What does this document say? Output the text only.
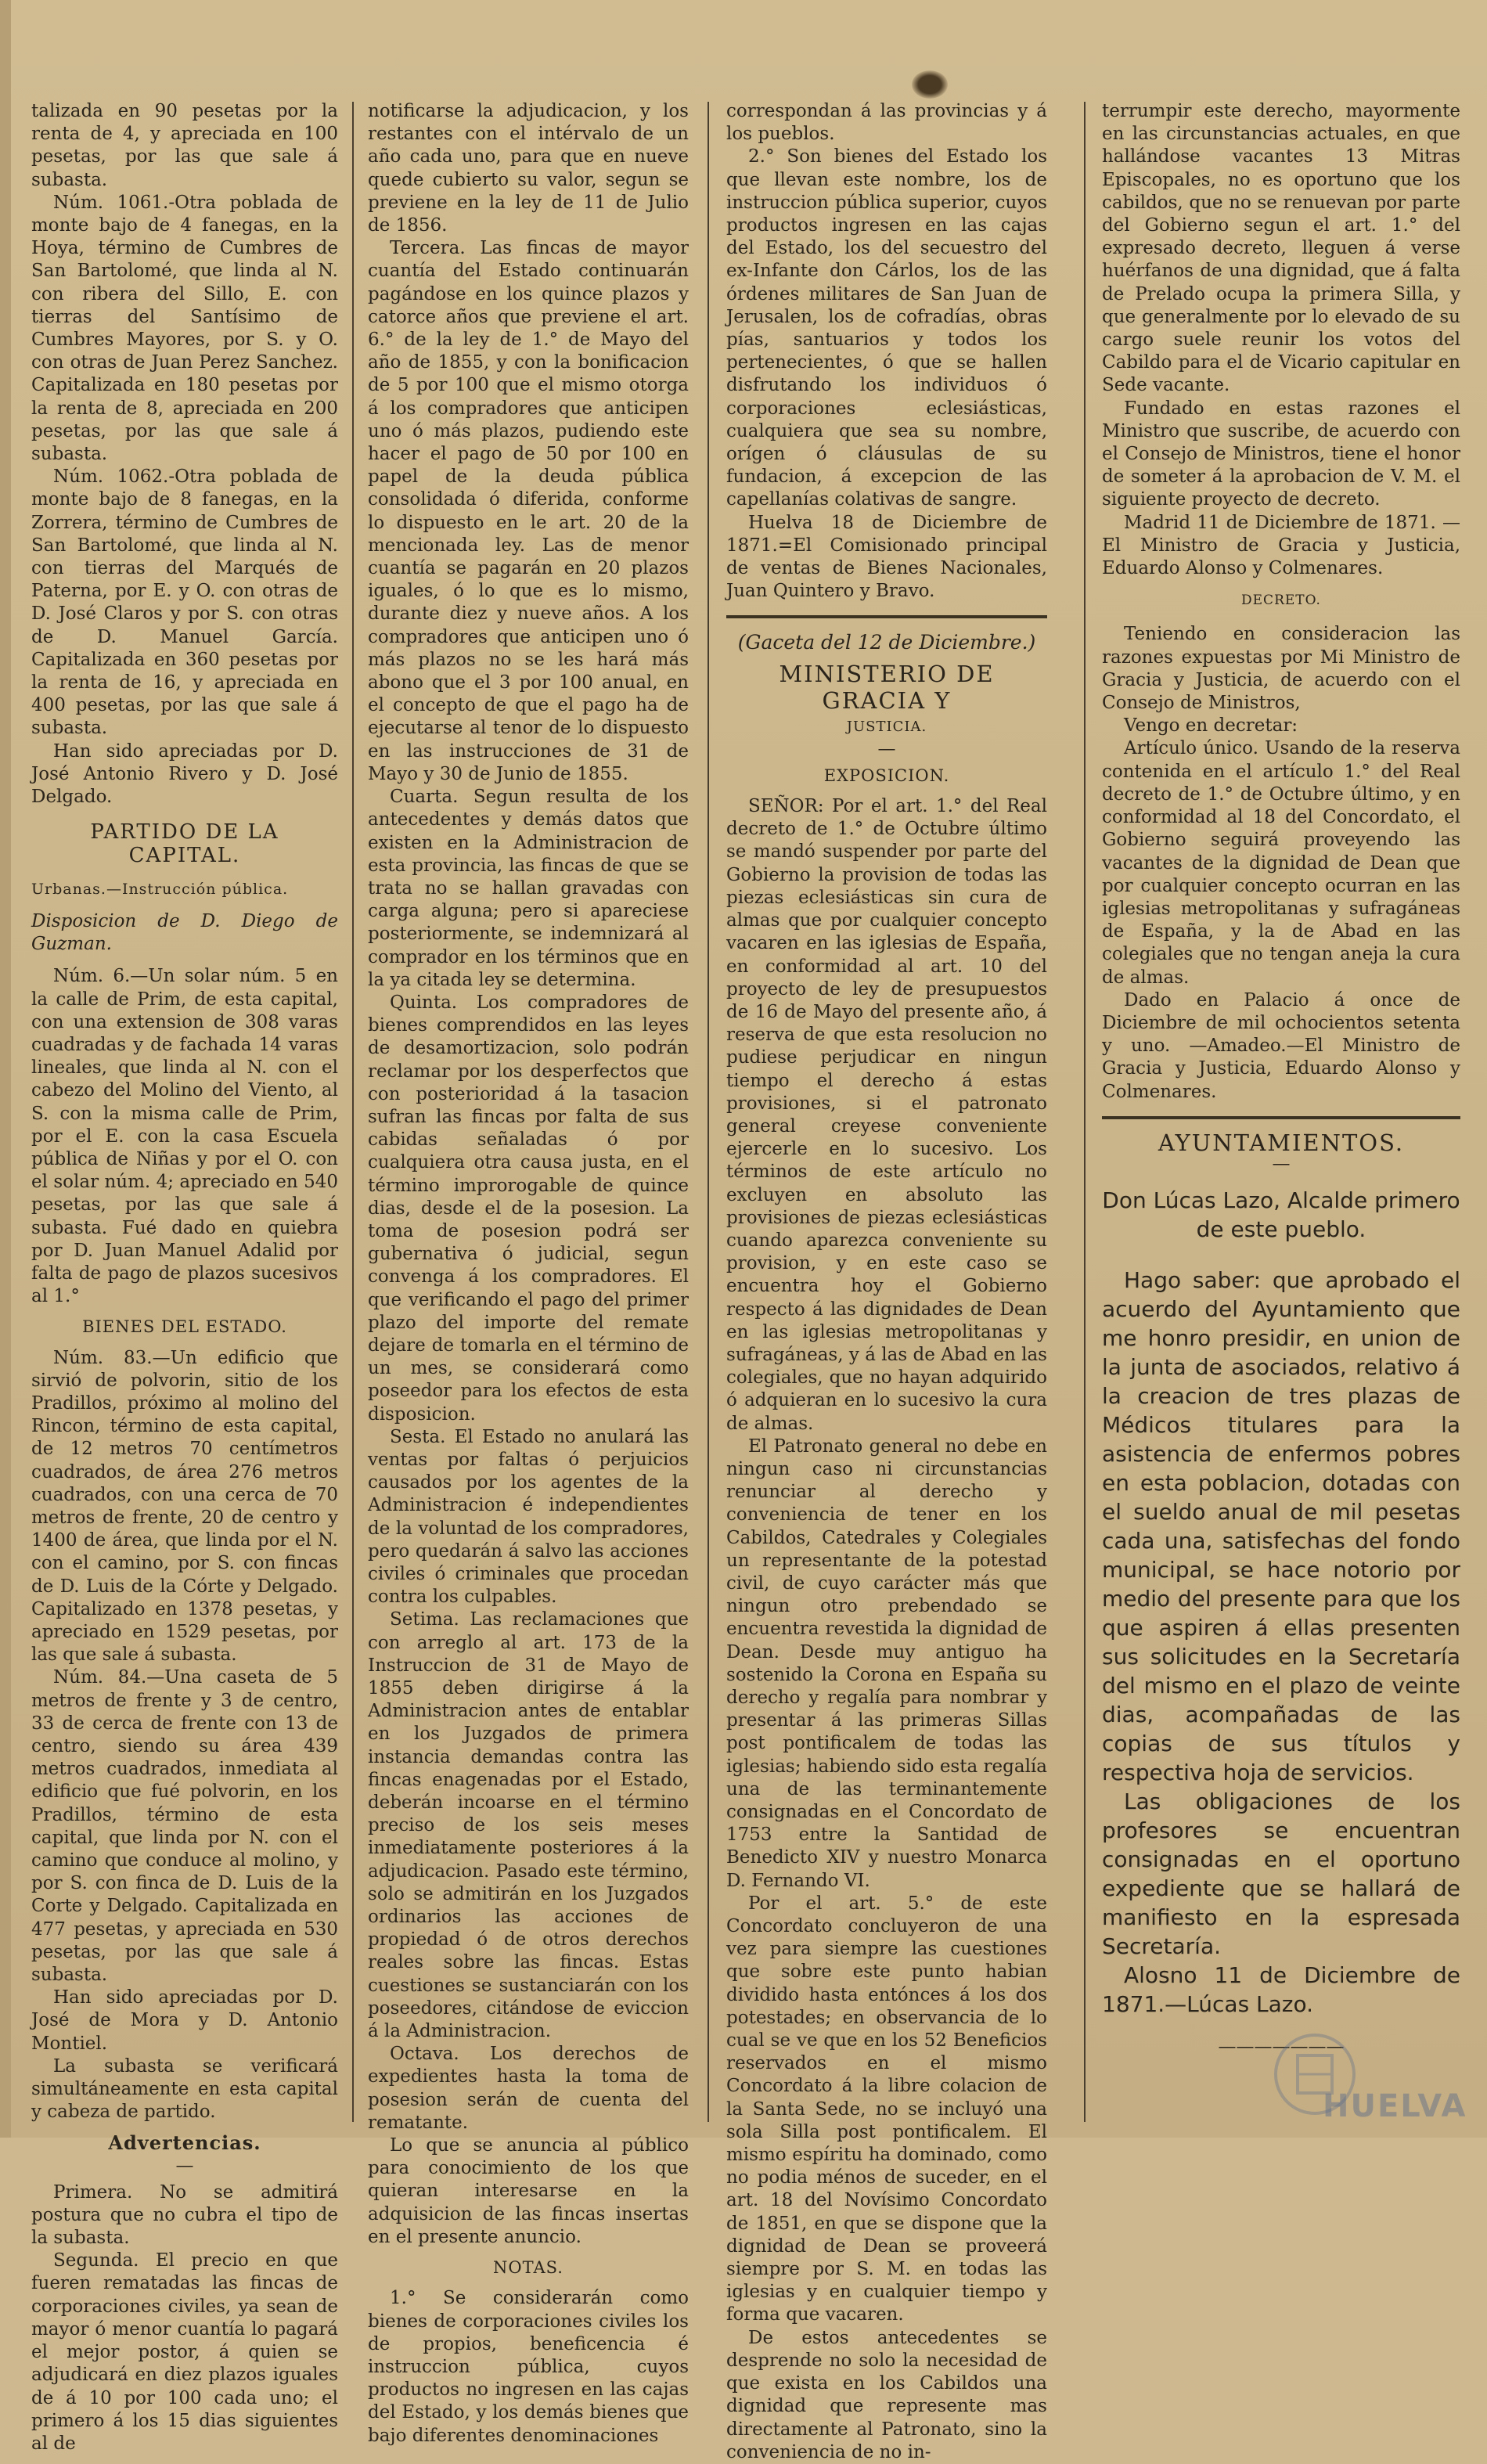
talizada en 90 pesetas por la renta de 4, y apreciada en 100 pesetas, por las que sale á subasta.

Núm. 1061.-Otra poblada de monte bajo de 4 fanegas, en la Hoya, término de Cumbres de San Bartolomé, que linda al N. con ribera del Sillo, E. con tierras del Santísimo de Cumbres Mayores, por S. y O. con otras de Juan Perez Sanchez. Capitalizada en 180 pesetas por la renta de 8, apreciada en 200 pesetas, por las que sale á subasta.

Núm. 1062.-Otra poblada de monte bajo de 8 fanegas, en la Zorrera, término de Cumbres de San Bartolomé, que linda al N. con tierras del Marqués de Paterna, por E. y O. con otras de D. José Claros y por S. con otras de D. Manuel García. Capitalizada en 360 pesetas por la renta de 16, y apreciada en 400 pesetas, por las que sale á subasta.

Han sido apreciadas por D. José Antonio Rivero y D. José Delgado.

PARTIDO DE LA CAPITAL.

Urbanas.—Instrucción pública.

Disposicion de D. Diego de Guzman.

Núm. 6.—Un solar núm. 5 en la calle de Prim, de esta capital, con una extension de 308 varas cuadradas y de fachada 14 varas lineales, que linda al N. con el cabezo del Molino del Viento, al S. con la misma calle de Prim, por el E. con la casa Escuela pública de Niñas y por el O. con el solar núm. 4; apreciado en 540 pesetas, por las que sale á subasta. Fué dado en quiebra por D. Juan Manuel Adalid por falta de pago de plazos sucesivos al 1.°

BIENES DEL ESTADO.

Núm. 83.—Un edificio que sirvió de polvorin, sitio de los Pradillos, próximo al molino del Rincon, término de esta capital, de 12 metros 70 centímetros cuadrados, de área 276 metros cuadrados, con una cerca de 70 metros de frente, 20 de centro y 1400 de área, que linda por el N. con el camino, por S. con fincas de D. Luis de la Córte y Delgado. Capitalizado en 1378 pesetas, y apreciado en 1529 pesetas, por las que sale á subasta.

Núm. 84.—Una caseta de 5 metros de frente y 3 de centro, 33 de cerca de frente con 13 de centro, siendo su área 439 metros cuadrados, inmediata al edificio que fué polvorin, en los Pradillos, término de esta capital, que linda por N. con el camino que conduce al molino, y por S. con finca de D. Luis de la Corte y Delgado. Capitalizada en 477 pesetas, y apreciada en 530 pesetas, por las que sale á subasta.

Han sido apreciadas por D. José de Mora y D. Antonio Montiel.

La subasta se verificará simultáneamente en esta capital y cabeza de partido.

Advertencias.

—

Primera. No se admitirá postura que no cubra el tipo de la subasta.

Segunda. El precio en que fueren rematadas las fincas de corporaciones civiles, ya sean de mayor ó menor cuantía lo pagará el mejor postor, á quien se adjudicará en diez plazos iguales de á 10 por 100 cada uno; el primero á los 15 dias siguientes al de

notificarse la adjudicacion, y los restantes con el intérvalo de un año cada uno, para que en nueve quede cubierto su valor, segun se previene en la ley de 11 de Julio de 1856.

Tercera. Las fincas de mayor cuantía del Estado continuarán pagándose en los quince plazos y catorce años que previene el art. 6.° de la ley de 1.° de Mayo del año de 1855, y con la bonificacion de 5 por 100 que el mismo otorga á los compradores que anticipen uno ó más plazos, pudiendo este hacer el pago de 50 por 100 en papel de la deuda pública consolidada ó diferida, conforme lo dispuesto en le art. 20 de la mencionada ley. Las de menor cuantía se pagarán en 20 plazos iguales, ó lo que es lo mismo, durante diez y nueve años. A los compradores que anticipen uno ó más plazos no se les hará más abono que el 3 por 100 anual, en el concepto de que el pago ha de ejecutarse al tenor de lo dispuesto en las instrucciones de 31 de Mayo y 30 de Junio de 1855.

Cuarta. Segun resulta de los antecedentes y demás datos que existen en la Administracion de esta provincia, las fincas de que se trata no se hallan gravadas con carga alguna; pero si apareciese posteriormente, se indemnizará al comprador en los términos que en la ya citada ley se determina.

Quinta. Los compradores de bienes comprendidos en las leyes de desamortizacion, solo podrán reclamar por los desperfectos que con posterioridad á la tasacion sufran las fincas por falta de sus cabidas señaladas ó por cualquiera otra causa justa, en el término improrogable de quince dias, desde el de la posesion. La toma de posesion podrá ser gubernativa ó judicial, segun convenga á los compradores. El que verificando el pago del primer plazo del importe del remate dejare de tomarla en el término de un mes, se considerará como poseedor para los efectos de esta disposicion.

Sesta. El Estado no anulará las ventas por faltas ó perjuicios causados por los agentes de la Administracion é independientes de la voluntad de los compradores, pero quedarán á salvo las acciones civiles ó criminales que procedan contra los culpables.

Setima. Las reclamaciones que con arreglo al art. 173 de la Instruccion de 31 de Mayo de 1855 deben dirigirse á la Administracion antes de entablar en los Juzgados de primera instancia demandas contra las fincas enagenadas por el Estado, deberán incoarse en el término preciso de los seis meses inmediatamente posteriores á la adjudicacion. Pasado este término, solo se admitirán en los Juzgados ordinarios las acciones de propiedad ó de otros derechos reales sobre las fincas. Estas cuestiones se sustanciarán con los poseedores, citándose de eviccion á la Administracion.

Octava. Los derechos de expedientes hasta la toma de posesion serán de cuenta del rematante.

Lo que se anuncia al público para conocimiento de los que quieran interesarse en la adquisicion de las fincas insertas en el presente anuncio.

NOTAS.

1.° Se considerarán como bienes de corporaciones civiles los de propios, beneficencia é instruccion pública, cuyos productos no ingresen en las cajas del Estado, y los demás bienes que bajo diferentes denominaciones

correspondan á las provincias y á los pueblos.

2.° Son bienes del Estado los que llevan este nombre, los de instruccion pública superior, cuyos productos ingresen en las cajas del Estado, los del secuestro del ex-Infante don Cárlos, los de las órdenes militares de San Juan de Jerusalen, los de cofradías, obras pías, santuarios y todos los pertenecientes, ó que se hallen disfrutando los individuos ó corporaciones eclesiásticas, cualquiera que sea su nombre, orígen ó cláusulas de su fundacion, á excepcion de las capellanías colativas de sangre.

Huelva 18 de Diciembre de 1871.=El Comisionado principal de ventas de Bienes Nacionales, Juan Quintero y Bravo.

(Gaceta del 12 de Diciembre.)

MINISTERIO DE GRACIA Y

JUSTICIA.

—

EXPOSICION.

SEÑOR: Por el art. 1.° del Real decreto de 1.° de Octubre último se mandó suspender por parte del Gobierno la provision de todas las piezas eclesiásticas sin cura de almas que por cualquier concepto vacaren en las iglesias de España, en conformidad al art. 10 del proyecto de ley de presupuestos de 16 de Mayo del presente año, á reserva de que esta resolucion no pudiese perjudicar en ningun tiempo el derecho á estas provisiones, si el patronato general creyese conveniente ejercerle en lo sucesivo. Los términos de este artículo no excluyen en absoluto las provisiones de piezas eclesiásticas cuando aparezca conveniente su provision, y en este caso se encuentra hoy el Gobierno respecto á las dignidades de Dean en las iglesias metropolitanas y sufragáneas, y á las de Abad en las colegiales, que no hayan adquirido ó adquieran en lo sucesivo la cura de almas.

El Patronato general no debe en ningun caso ni circunstancias renunciar al derecho y conveniencia de tener en los Cabildos, Catedrales y Colegiales un representante de la potestad civil, de cuyo carácter más que ningun otro prebendado se encuentra revestida la dignidad de Dean. Desde muy antiguo ha sostenido la Corona en España su derecho y regalía para nombrar y presentar á las primeras Sillas post pontificalem de todas las iglesias; habiendo sido esta regalía una de las terminantemente consignadas en el Concordato de 1753 entre la Santidad de Benedicto XIV y nuestro Monarca D. Fernando VI.

Por el art. 5.° de este Concordato concluyeron de una vez para siempre las cuestiones que sobre este punto habian dividido hasta entónces á los dos potestades; en observancia de lo cual se ve que en los 52 Beneficios reservados en el mismo Concordato á la libre colacion de la Santa Sede, no se incluyó una sola Silla post pontificalem. El mismo espíritu ha dominado, como no podia ménos de suceder, en el art. 18 del Novísimo Concordato de 1851, en que se dispone que la dignidad de Dean se proveerá siempre por S. M. en todas las iglesias y en cualquier tiempo y forma que vacaren.

De estos antecedentes se desprende no solo la necesidad de que exista en los Cabildos una dignidad que represente mas directamente al Patronato, sino la conveniencia de no in-

terrumpir este derecho, mayormente en las circunstancias actuales, en que hallándose vacantes 13 Mitras Episcopales, no es oportuno que los cabildos, que no se renuevan por parte del Gobierno segun el art. 1.° del expresado decreto, lleguen á verse huérfanos de una dignidad, que á falta de Prelado ocupa la primera Silla, y que generalmente por lo elevado de su cargo suele reunir los votos del Cabildo para el de Vicario capitular en Sede vacante.

Fundado en estas razones el Ministro que suscribe, de acuerdo con el Consejo de Ministros, tiene el honor de someter á la aprobacion de V. M. el siguiente proyecto de decreto.

Madrid 11 de Diciembre de 1871. —El Ministro de Gracia y Justicia, Eduardo Alonso y Colmenares.

DECRETO.

Teniendo en consideracion las razones expuestas por Mi Ministro de Gracia y Justicia, de acuerdo con el Consejo de Ministros,

Vengo en decretar:

Artículo único. Usando de la reserva contenida en el artículo 1.° del Real decreto de 1.° de Octubre último, y en conformidad al 18 del Concordato, el Gobierno seguirá proveyendo las vacantes de la dignidad de Dean que por cualquier concepto ocurran en las iglesias metropolitanas y sufragáneas de España, y la de Abad en las colegiales que no tengan aneja la cura de almas.

Dado en Palacio á once de Diciembre de mil ochocientos setenta y uno. —Amadeo.—El Ministro de Gracia y Justicia, Eduardo Alonso y Colmenares.

AYUNTAMIENTOS.

—

Don Lúcas Lazo, Alcalde primero de este pueblo.

Hago saber: que aprobado el acuerdo del Ayuntamiento que me honro presidir, en union de la junta de asociados, relativo á la creacion de tres plazas de Médicos titulares para la asistencia de enfermos pobres en esta poblacion, dotadas con el sueldo anual de mil pesetas cada una, satisfechas del fondo municipal, se hace notorio por medio del presente para que los que aspiren á ellas presenten sus solicitudes en la Secretaría del mismo en el plazo de veinte dias, acompañadas de las copias de sus títulos y respectiva hoja de servicios.

Las obligaciones de los profesores se encuentran consignadas en el oportuno expediente que se hallará de manifiesto en la espresada Secretaría.

Alosno 11 de Diciembre de 1871.—Lúcas Lazo.

———————

HUELVA
